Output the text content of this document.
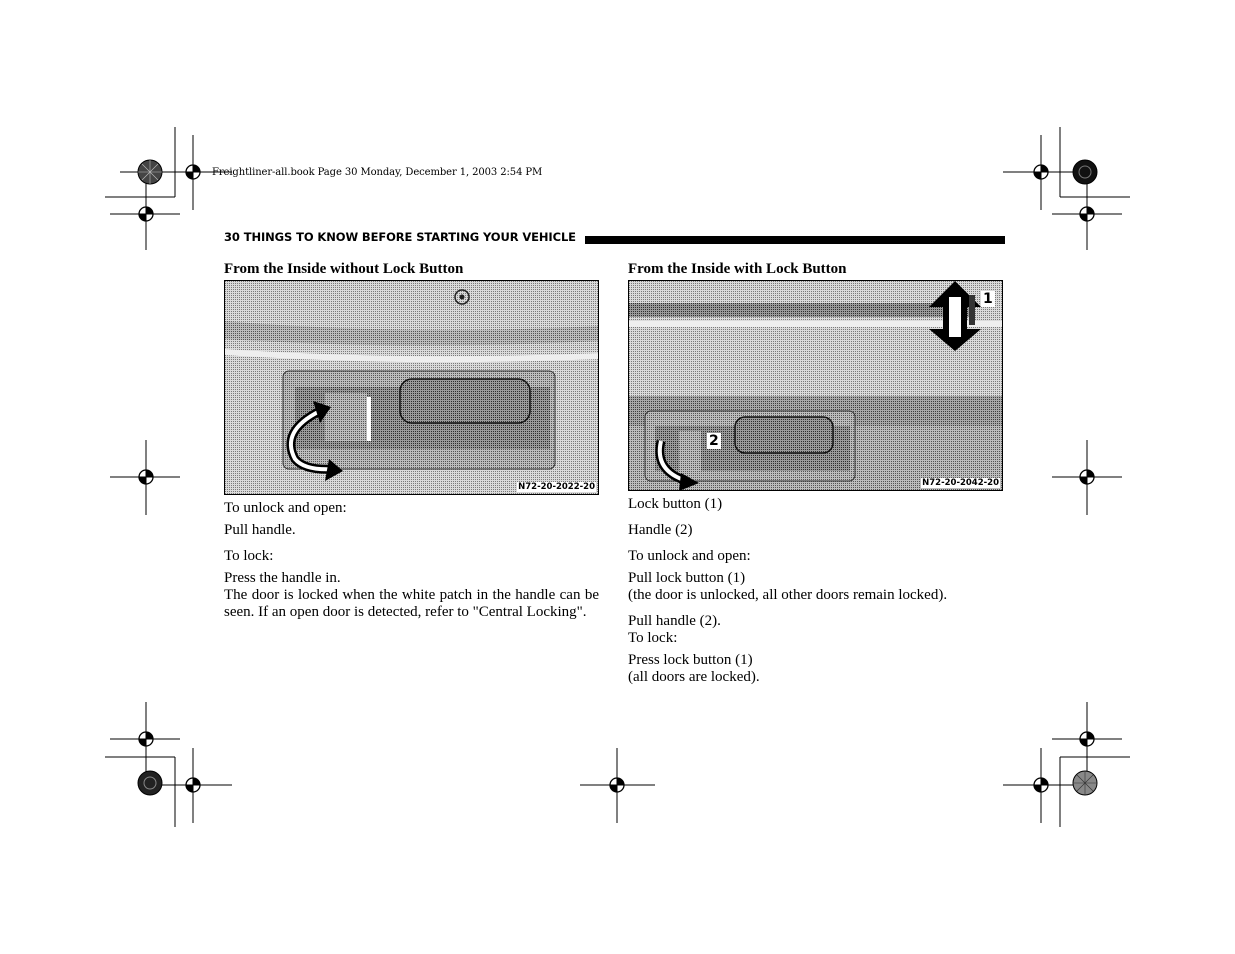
Freightliner-all.book Page 30 Monday, December 1, 2003 2:54 PM
30 THINGS TO KNOW BEFORE STARTING YOUR VEHICLE
From the Inside without Lock Button
N72-20-2022-20

To unlock and open:

Pull handle.

To lock:

Press the handle in.

The door is locked when the white patch in the handle can be seen. If an open door is detected, refer to "Central Locking".

From the Inside with Lock Button
1
2
N72-20-2042-20

Lock button (1)

Handle (2)

To unlock and open:

Pull lock button (1)

(the door is unlocked, all other doors remain locked).

Pull handle (2).

To lock:

Press lock button (1)

(all doors are locked).
